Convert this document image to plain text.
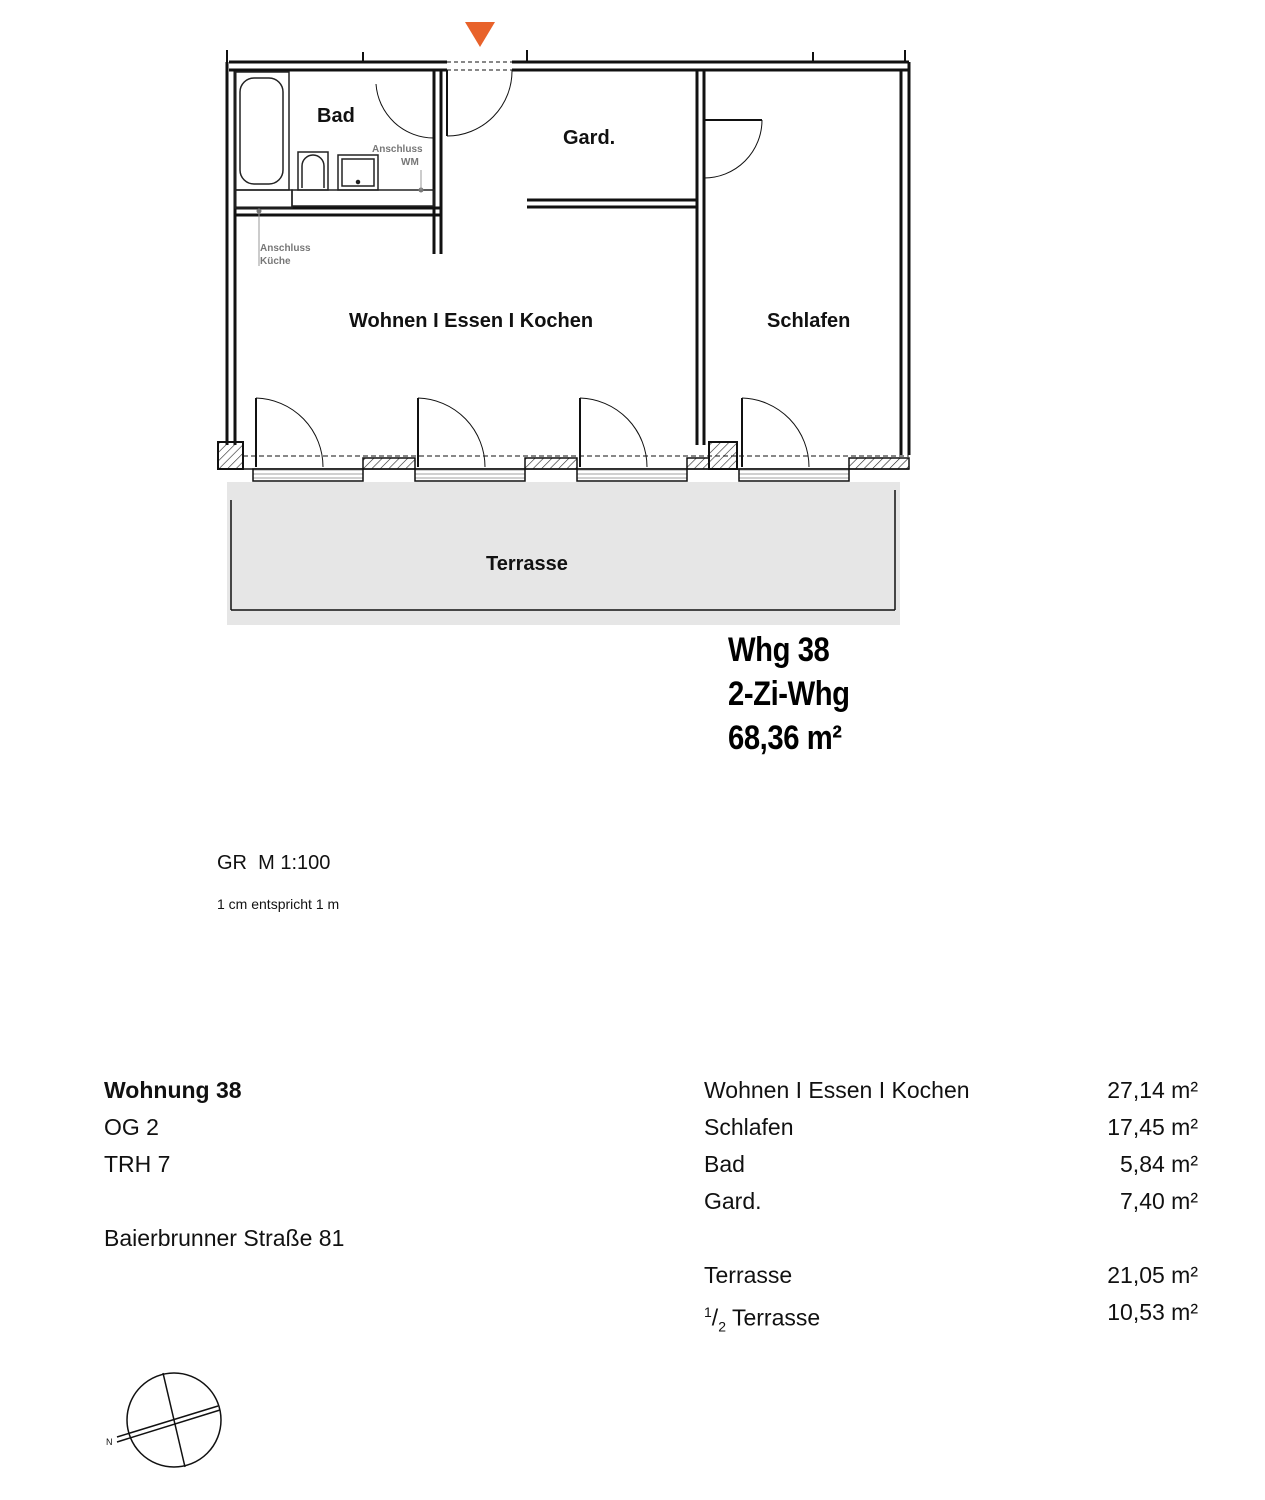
Bad
Gard.
Wohnen I Essen I Kochen	Schlafen
Terrasse
Anschluss
WM
Anschluss
Küche
N
Whg 38
2-Zi-Whg
68,36 m²
GR  M 1:100
1 cm entspricht 1 m
Wohnung 38
OG 2
TRH 7
Baierbrunner Straße 81
Wohnen I Essen I Kochen	27,14 m²
Schlafen	17,45 m²
Bad	5,84 m²
Gard.	7,40 m²
Terrasse	21,05 m²
$^1/_2$ Terrasse	10,53 m²
